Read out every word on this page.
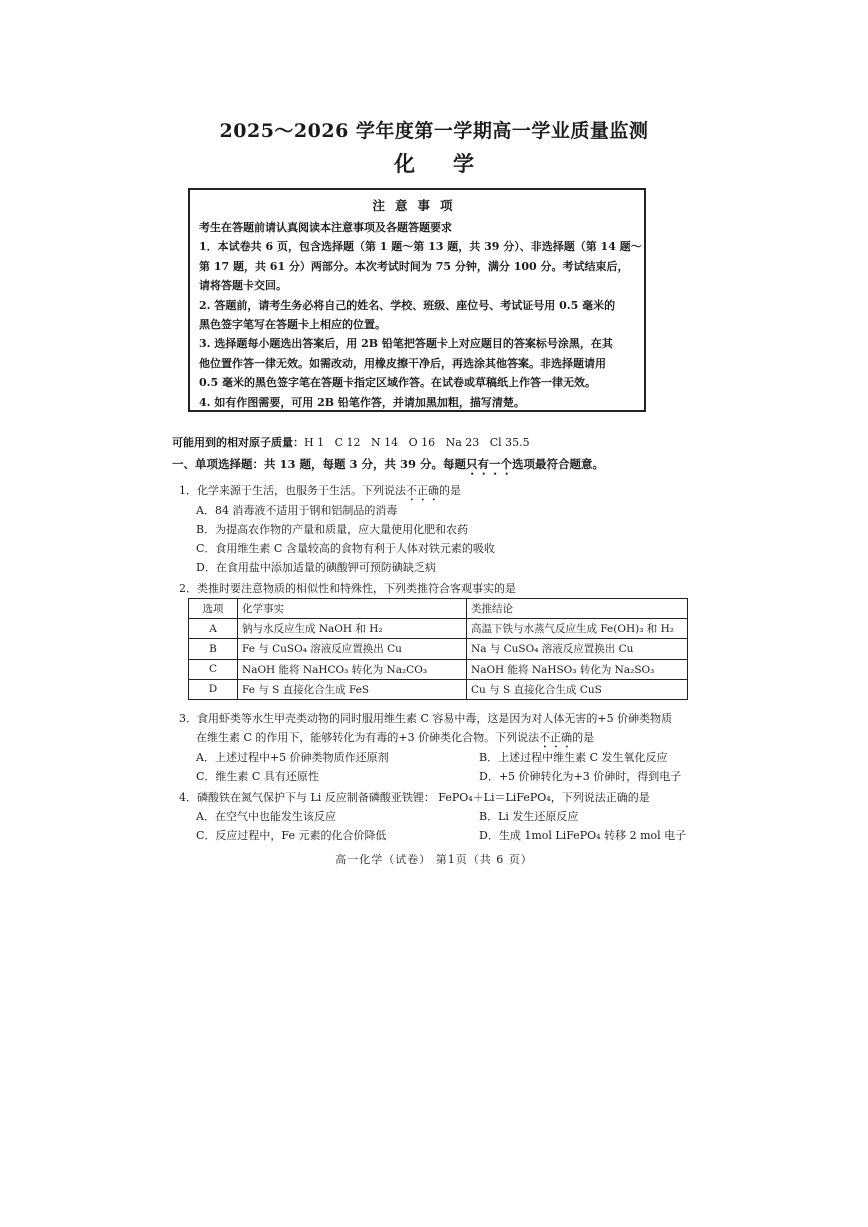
2025～2026 学年度第一学期高一学业质量监测
化学
注意事项
考生在答题前请认真阅读本注意事项及各题答题要求
1．本试卷共 6 页，包含选择题（第 1 题～第 13 题，共 39 分）、非选择题（第 14 题～
第 17 题，共 61 分）两部分。本次考试时间为 75 分钟，满分 100 分。考试结束后，
请将答题卡交回。
2. 答题前，请考生务必将自己的姓名、学校、班级、座位号、考试证号用 0.5 毫米的
黑色签字笔写在答题卡上相应的位置。
3. 选择题每小题选出答案后，用 2B 铅笔把答题卡上对应题目的答案标号涂黑，在其
他位置作答一律无效。如需改动，用橡皮擦干净后，再选涂其他答案。非选择题请用
0.5 毫米的黑色签字笔在答题卡指定区域作答。在试卷或草稿纸上作答一律无效。
4. 如有作图需要，可用 2B 铅笔作答，并请加黑加粗，描写清楚。
可能用到的相对原子质量：H 1   C 12   N 14   O 16   Na 23   Cl 35.5
一、单项选择题：共 13 题，每题 3 分，共 39 分。每题只有一个选项最符合题意。
1．化学来源于生活，也服务于生活。下列说法不正确的是
A．84 消毒液不适用于钢和铝制品的消毒
B．为提高农作物的产量和质量，应大量使用化肥和农药
C．食用维生素 C 含量较高的食物有利于人体对铁元素的吸收
D．在食用盐中添加适量的碘酸钾可预防碘缺乏病
2．类推时要注意物质的相似性和特殊性，下列类推符合客观事实的是
选项	化学事实	类推结论
A	钠与水反应生成 NaOH 和 H₂	高温下铁与水蒸气反应生成 Fe(OH)₃ 和 H₂
B	Fe 与 CuSO₄ 溶液反应置换出 Cu	Na 与 CuSO₄ 溶液反应置换出 Cu
C	NaOH 能将 NaHCO₃ 转化为 Na₂CO₃	NaOH 能将 NaHSO₃ 转化为 Na₂SO₃
D	Fe 与 S 直接化合生成 FeS	Cu 与 S 直接化合生成 CuS
3．食用虾类等水生甲壳类动物的同时服用维生素 C 容易中毒，这是因为对人体无害的+5 价砷类物质
在维生素 C 的作用下，能够转化为有毒的+3 价砷类化合物。下列说法不正确的是
A．上述过程中+5 价砷类物质作还原剂	B．上述过程中维生素 C 发生氧化反应
C．维生素 C 具有还原性	D．+5 价砷转化为+3 价砷时，得到电子
4．磷酸铁在氮气保护下与 Li 反应制备磷酸亚铁锂： FePO₄＋Li＝LiFePO₄，下列说法正确的是
A．在空气中也能发生该反应	B．Li 发生还原反应
C．反应过程中，Fe 元素的化合价降低	D．生成 1mol LiFePO₄ 转移 2 mol 电子
高一化学（试卷） 第1页（共 6 页）
